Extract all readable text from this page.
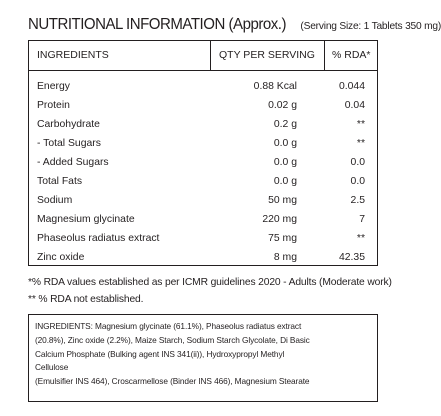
NUTRITIONAL INFORMATION (Approx.) (Serving Size: 1 Tablets 350 mg)
INGREDIENTS	QTY PER SERVING % RDA*
Energy	0.88 Kcal	0.044
Protein	0.02 g	0.04
Carbohydrate	0.2 g	**
- Total Sugars	0.0 g	**
- Added Sugars	0.0 g	0.0
Total Fats	0.0 g	0.0
Sodium	50 mg	2.5
Magnesium glycinate	220 mg	7
Phaseolus radiatus extract	75 mg	**
Zinc oxide	8 mg	42.35
*% RDA values established as per ICMR guidelines 2020 - Adults (Moderate work)
** % RDA not established.
INGREDIENTS: Magnesium glycinate (61.1%), Phaseolus radiatus extract
(20.8%), Zinc oxide (2.2%), Maize Starch, Sodium Starch Glycolate, Di Basic
Calcium Phosphate (Bulking agent INS 341(ii)), Hydroxypropyl Methyl
Cellulose
(Emulsifier INS 464), Croscarmellose (Binder INS 466), Magnesium Stearate
